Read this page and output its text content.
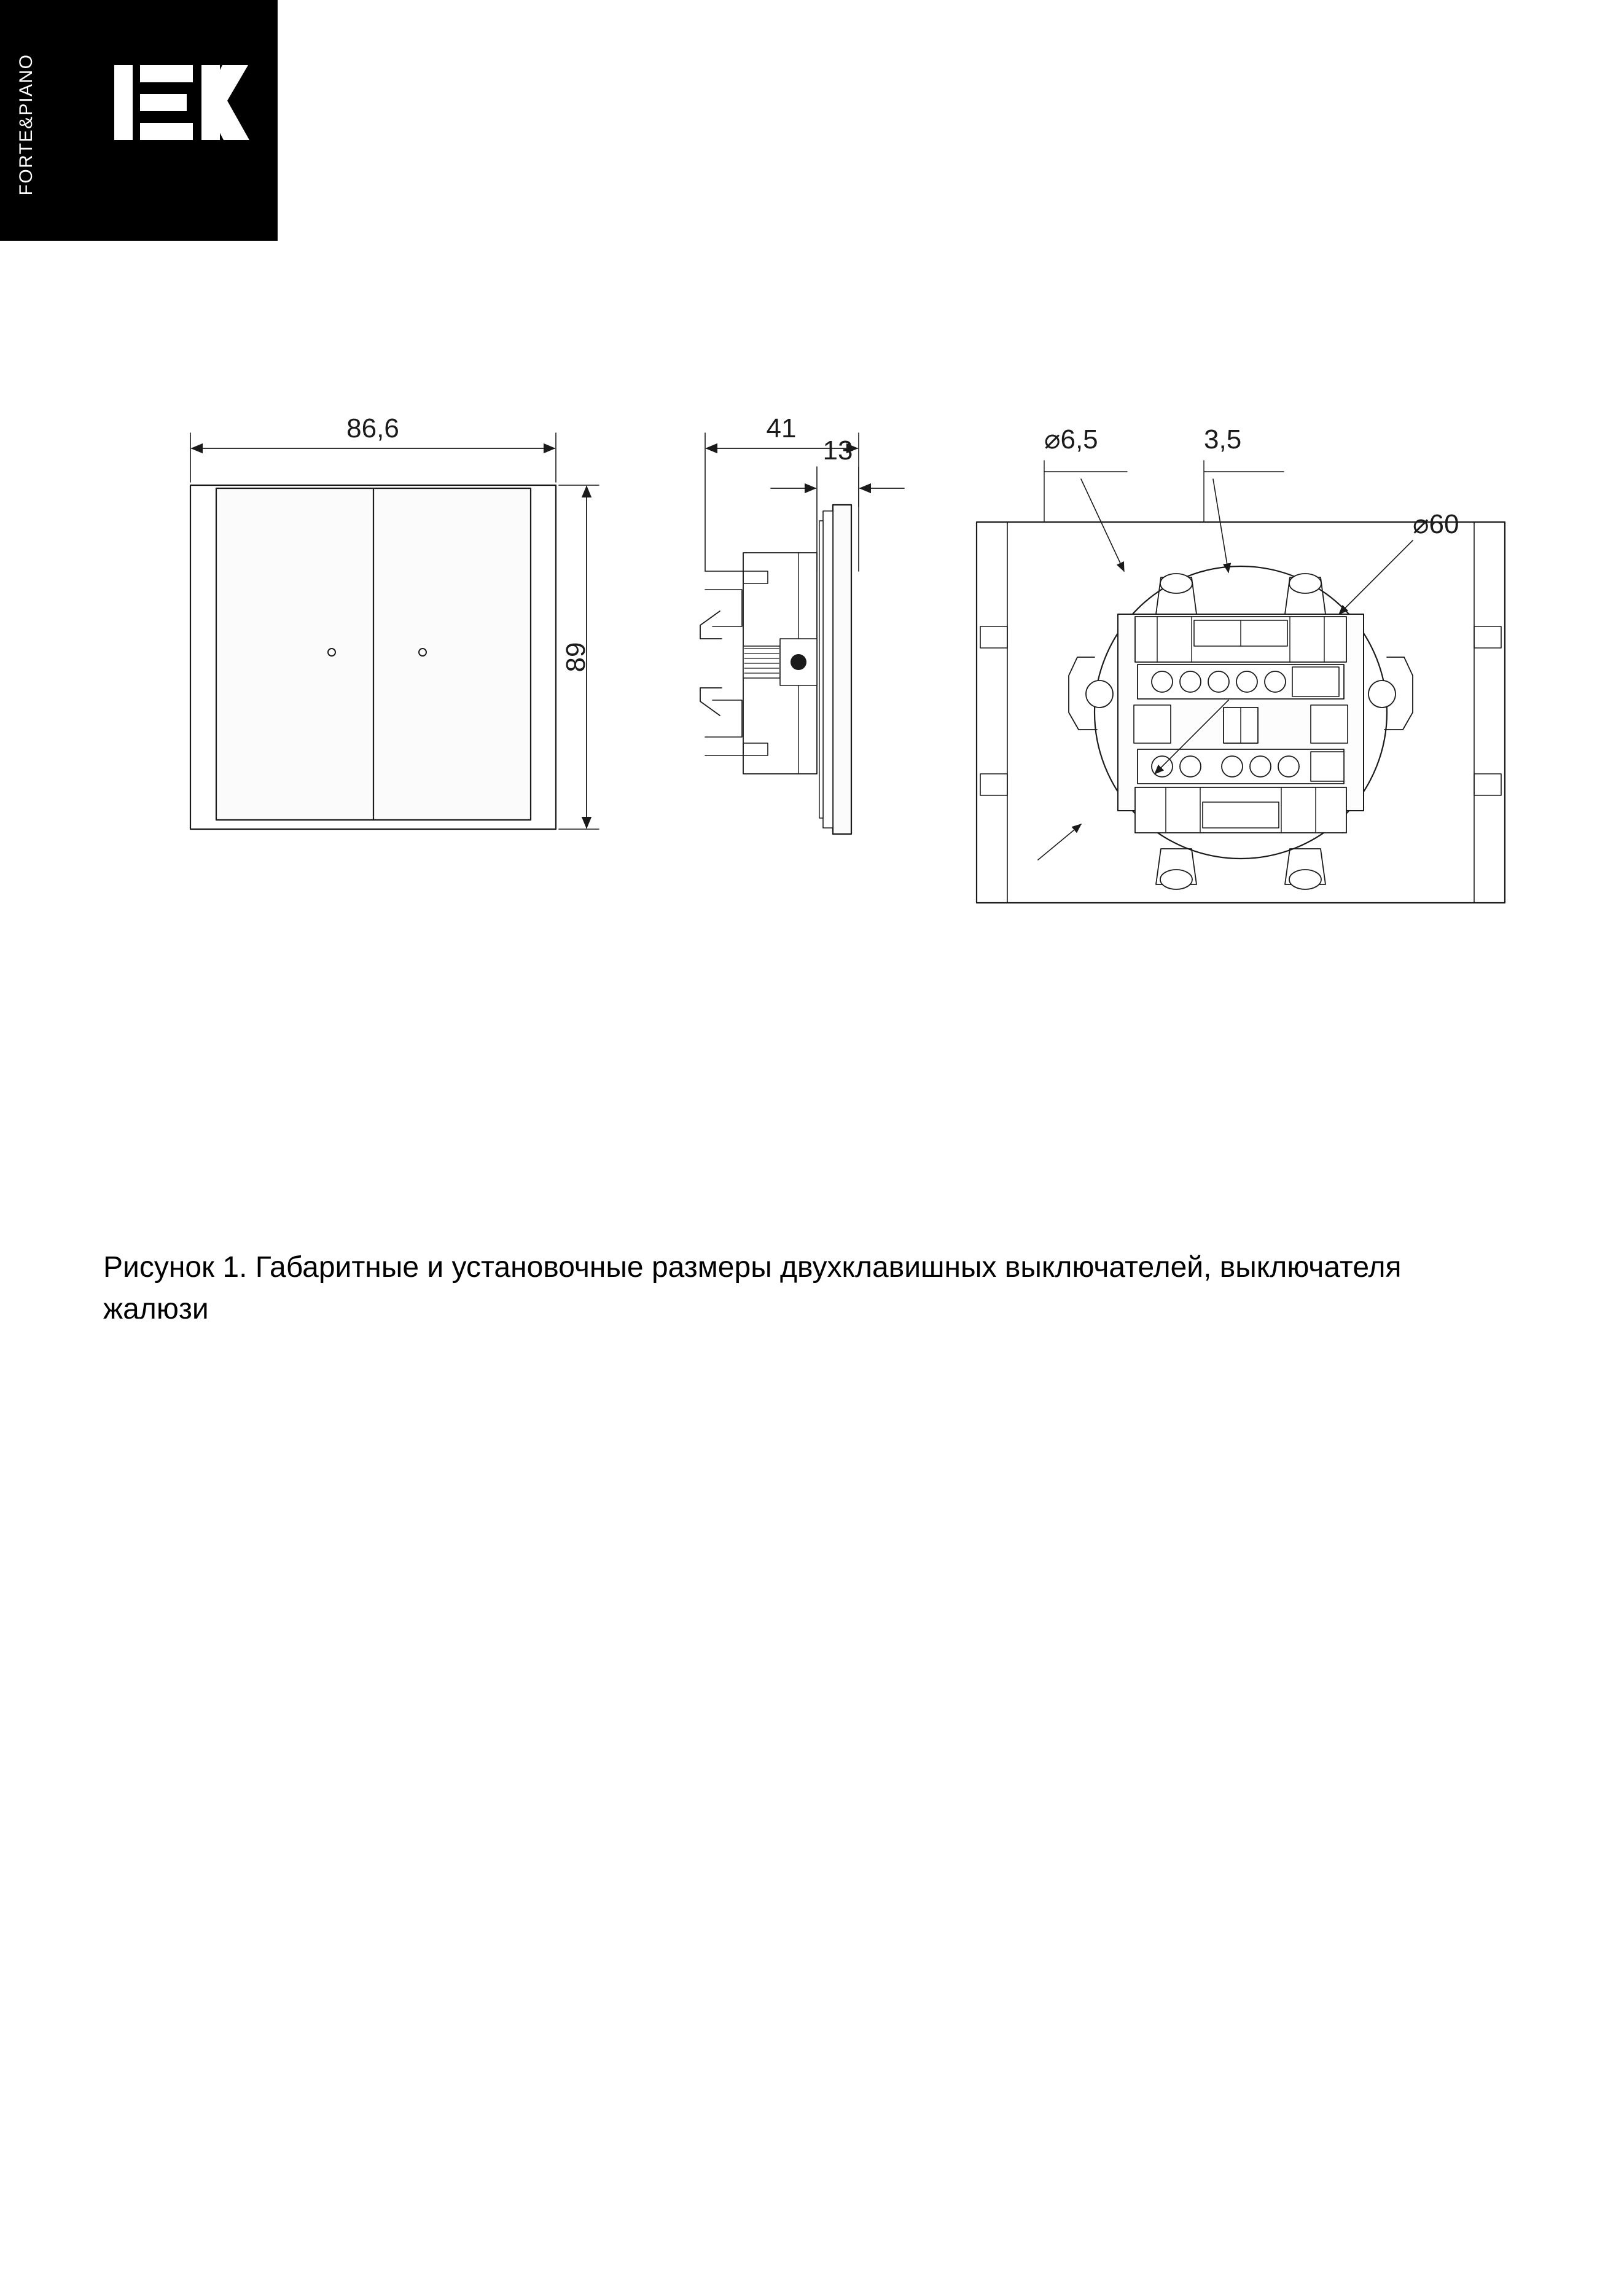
FORTE&PIANO
86,6
89
41
13	⌀6,5	3,5
⌀60
Рисунок 1. Габаритные и установочные размеры двухклавишных выключателей, выключателя жалюзи
